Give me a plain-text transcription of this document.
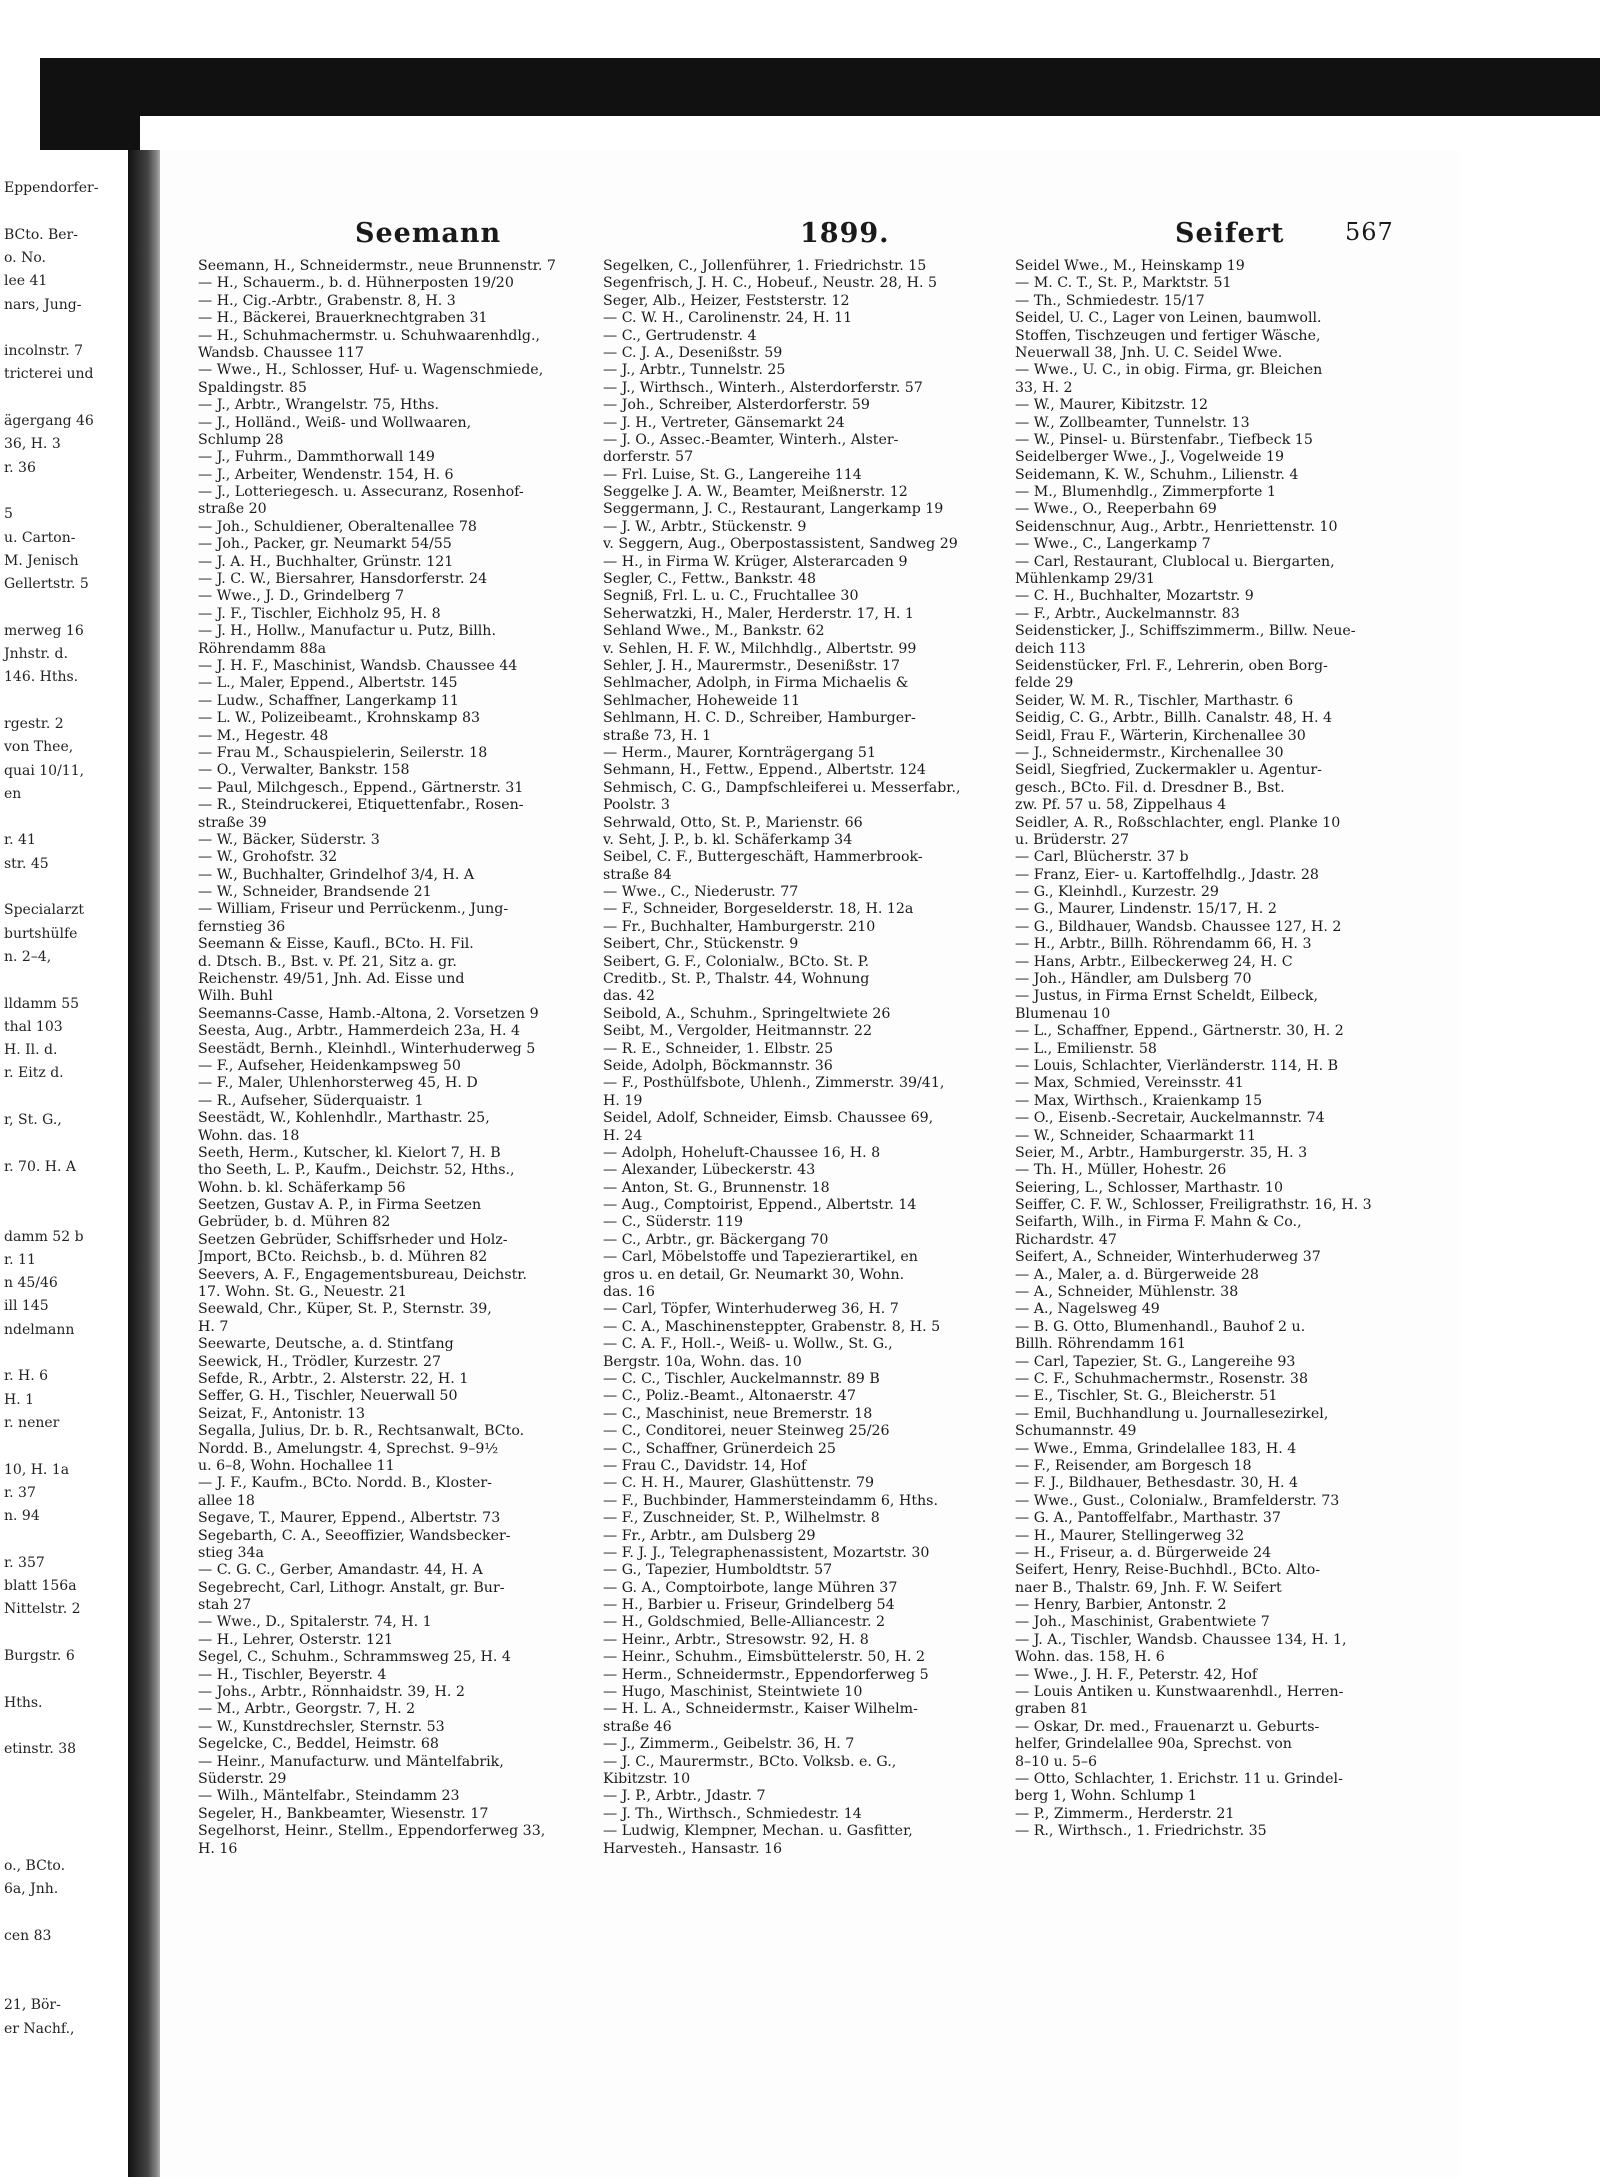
Eppendorfer-
BCto. Ber-
o. No.
lee 41
nars, Jung-
incolnstr. 7
tricterei und
ägergang 46
36, H. 3
r. 36
5
u. Carton-
M. Jenisch
Gellertstr. 5
merweg 16
Jnhstr. d.
146. Hths.
rgestr. 2
von Thee,
quai 10/11,
en
r. 41
str. 45
Specialarzt
burtshülfe
n. 2–4,
lldamm 55
thal 103
H. Il. d.
r. Eitz d.
r, St. G.,
r. 70. H. A
damm 52 b
r. 11
n 45/46
ill 145
ndelmann
r. H. 6
H. 1
r. nener
10, H. 1a
r. 37
n. 94
r. 357
blatt 156a
Nittelstr. 2
Burgstr. 6
Hths.
etinstr. 38
o., BCto.
6a, Jnh.
cen 83
21, Bör-
er Nachf.,
Seemann	1899.	Seifert	567
Seemann, H., Schneidermstr., neue Brunnenstr. 7
— H., Schauerm., b. d. Hühnerposten 19/20
— H., Cig.-Arbtr., Grabenstr. 8, H. 3
— H., Bäckerei, Brauerknechtgraben 31
— H., Schuhmachermstr. u. Schuhwaarenhdlg.,
Wandsb. Chaussee 117
— Wwe., H., Schlosser, Huf- u. Wagenschmiede,
Spaldingstr. 85
— J., Arbtr., Wrangelstr. 75, Hths.
— J., Holländ., Weiß- und Wollwaaren,
Schlump 28
— J., Fuhrm., Dammthorwall 149
— J., Arbeiter, Wendenstr. 154, H. 6
— J., Lotteriegesch. u. Assecuranz, Rosenhof-
straße 20
— Joh., Schuldiener, Oberaltenallee 78
— Joh., Packer, gr. Neumarkt 54/55
— J. A. H., Buchhalter, Grünstr. 121
— J. C. W., Biersahrer, Hansdorferstr. 24
— Wwe., J. D., Grindelberg 7
— J. F., Tischler, Eichholz 95, H. 8
— J. H., Hollw., Manufactur u. Putz, Billh.
Röhrendamm 88a
— J. H. F., Maschinist, Wandsb. Chaussee 44
— L., Maler, Eppend., Albertstr. 145
— Ludw., Schaffner, Langerkamp 11
— L. W., Polizeibeamt., Krohnskamp 83
— M., Hegestr. 48
— Frau M., Schauspielerin, Seilerstr. 18
— O., Verwalter, Bankstr. 158
— Paul, Milchgesch., Eppend., Gärtnerstr. 31
— R., Steindruckerei, Etiquettenfabr., Rosen-
straße 39
— W., Bäcker, Süderstr. 3
— W., Grohofstr. 32
— W., Buchhalter, Grindelhof 3/4, H. A
— W., Schneider, Brandsende 21
— William, Friseur und Perrückenm., Jung-
fernstieg 36
Seemann & Eisse, Kaufl., BCto. H. Fil.
d. Dtsch. B., Bst. v. Pf. 21, Sitz a. gr.
Reichenstr. 49/51, Jnh. Ad. Eisse und
Wilh. Buhl
Seemanns-Casse, Hamb.-Altona, 2. Vorsetzen 9
Seesta, Aug., Arbtr., Hammerdeich 23a, H. 4
Seestädt, Bernh., Kleinhdl., Winterhuderweg 5
— F., Aufseher, Heidenkampsweg 50
— F., Maler, Uhlenhorsterweg 45, H. D
— R., Aufseher, Süderquaistr. 1
Seestädt, W., Kohlenhdlr., Marthastr. 25,
Wohn. das. 18
Seeth, Herm., Kutscher, kl. Kielort 7, H. B
tho Seeth, L. P., Kaufm., Deichstr. 52, Hths.,
Wohn. b. kl. Schäferkamp 56
Seetzen, Gustav A. P., in Firma Seetzen
Gebrüder, b. d. Mühren 82
Seetzen Gebrüder, Schiffsrheder und Holz-
Jmport, BCto. Reichsb., b. d. Mühren 82
Seevers, A. F., Engagementsbureau, Deichstr.
17. Wohn. St. G., Neuestr. 21
Seewald, Chr., Küper, St. P., Sternstr. 39,
H. 7
Seewarte, Deutsche, a. d. Stintfang
Seewick, H., Trödler, Kurzestr. 27
Sefde, R., Arbtr., 2. Alsterstr. 22, H. 1
Seffer, G. H., Tischler, Neuerwall 50
Seizat, F., Antonistr. 13
Segalla, Julius, Dr. b. R., Rechtsanwalt, BCto.
Nordd. B., Amelungstr. 4, Sprechst. 9–9½
u. 6–8, Wohn. Hochallee 11
— J. F., Kaufm., BCto. Nordd. B., Kloster-
allee 18
Segave, T., Maurer, Eppend., Albertstr. 73
Segebarth, C. A., Seeoffizier, Wandsbecker-
stieg 34a
— C. G. C., Gerber, Amandastr. 44, H. A
Segebrecht, Carl, Lithogr. Anstalt, gr. Bur-
stah 27
— Wwe., D., Spitalerstr. 74, H. 1
— H., Lehrer, Osterstr. 121
Segel, C., Schuhm., Schrammsweg 25, H. 4
— H., Tischler, Beyerstr. 4
— Johs., Arbtr., Rönnhaidstr. 39, H. 2
— M., Arbtr., Georgstr. 7, H. 2
— W., Kunstdrechsler, Sternstr. 53
Segelcke, C., Beddel, Heimstr. 68
— Heinr., Manufacturw. und Mäntelfabrik,
Süderstr. 29
— Wilh., Mäntelfabr., Steindamm 23
Segeler, H., Bankbeamter, Wiesenstr. 17
Segelhorst, Heinr., Stellm., Eppendorferweg 33,
H. 16
Segelken, C., Jollenführer, 1. Friedrichstr. 15
Segenfrisch, J. H. C., Hobeuf., Neustr. 28, H. 5
Seger, Alb., Heizer, Feststerstr. 12
— C. W. H., Carolinenstr. 24, H. 11
— C., Gertrudenstr. 4
— C. J. A., Desenißstr. 59
— J., Arbtr., Tunnelstr. 25
— J., Wirthsch., Winterh., Alsterdorferstr. 57
— Joh., Schreiber, Alsterdorferstr. 59
— J. H., Vertreter, Gänsemarkt 24
— J. O., Assec.-Beamter, Winterh., Alster-
dorferstr. 57
— Frl. Luise, St. G., Langereihe 114
Seggelke J. A. W., Beamter, Meißnerstr. 12
Seggermann, J. C., Restaurant, Langerkamp 19
— J. W., Arbtr., Stückenstr. 9
v. Seggern, Aug., Oberpostassistent, Sandweg 29
— H., in Firma W. Krüger, Alsterarcaden 9
Segler, C., Fettw., Bankstr. 48
Segniß, Frl. L. u. C., Fruchtallee 30
Seherwatzki, H., Maler, Herderstr. 17, H. 1
Sehland Wwe., M., Bankstr. 62
v. Sehlen, H. F. W., Milchhdlg., Albertstr. 99
Sehler, J. H., Maurermstr., Desenißstr. 17
Sehlmacher, Adolph, in Firma Michaelis &
Sehlmacher, Hoheweide 11
Sehlmann, H. C. D., Schreiber, Hamburger-
straße 73, H. 1
— Herm., Maurer, Kornträgergang 51
Sehmann, H., Fettw., Eppend., Albertstr. 124
Sehmisch, C. G., Dampfschleiferei u. Messerfabr.,
Poolstr. 3
Sehrwald, Otto, St. P., Marienstr. 66
v. Seht, J. P., b. kl. Schäferkamp 34
Seibel, C. F., Buttergeschäft, Hammerbrook-
straße 84
— Wwe., C., Niederustr. 77
— F., Schneider, Borgeselderstr. 18, H. 12a
— Fr., Buchhalter, Hamburgerstr. 210
Seibert, Chr., Stückenstr. 9
Seibert, G. F., Colonialw., BCto. St. P.
Creditb., St. P., Thalstr. 44, Wohnung
das. 42
Seibold, A., Schuhm., Springeltwiete 26
Seibt, M., Vergolder, Heitmannstr. 22
— R. E., Schneider, 1. Elbstr. 25
Seide, Adolph, Böckmannstr. 36
— F., Posthülfsbote, Uhlenh., Zimmerstr. 39/41,
H. 19
Seidel, Adolf, Schneider, Eimsb. Chaussee 69,
H. 24
— Adolph, Hoheluft-Chaussee 16, H. 8
— Alexander, Lübeckerstr. 43
— Anton, St. G., Brunnenstr. 18
— Aug., Comptoirist, Eppend., Albertstr. 14
— C., Süderstr. 119
— C., Arbtr., gr. Bäckergang 70
— Carl, Möbelstoffe und Tapezierartikel, en
gros u. en detail, Gr. Neumarkt 30, Wohn.
das. 16
— Carl, Töpfer, Winterhuderweg 36, H. 7
— C. A., Maschinensteppter, Grabenstr. 8, H. 5
— C. A. F., Holl.-, Weiß- u. Wollw., St. G.,
Bergstr. 10a, Wohn. das. 10
— C. C., Tischler, Auckelmannstr. 89 B
— C., Poliz.-Beamt., Altonaerstr. 47
— C., Maschinist, neue Bremerstr. 18
— C., Conditorei, neuer Steinweg 25/26
— C., Schaffner, Grünerdeich 25
— Frau C., Davidstr. 14, Hof
— C. H. H., Maurer, Glashüttenstr. 79
— F., Buchbinder, Hammersteindamm 6, Hths.
— F., Zuschneider, St. P., Wilhelmstr. 8
— Fr., Arbtr., am Dulsberg 29
— F. J. J., Telegraphenassistent, Mozartstr. 30
— G., Tapezier, Humboldtstr. 57
— G. A., Comptoirbote, lange Mühren 37
— H., Barbier u. Friseur, Grindelberg 54
— H., Goldschmied, Belle-Alliancestr. 2
— Heinr., Arbtr., Stresowstr. 92, H. 8
— Heinr., Schuhm., Eimsbüttelerstr. 50, H. 2
— Herm., Schneidermstr., Eppendorferweg 5
— Hugo, Maschinist, Steintwiete 10
— H. L. A., Schneidermstr., Kaiser Wilhelm-
straße 46
— J., Zimmerm., Geibelstr. 36, H. 7
— J. C., Maurermstr., BCto. Volksb. e. G.,
Kibitzstr. 10
— J. P., Arbtr., Jdastr. 7
— J. Th., Wirthsch., Schmiedestr. 14
— Ludwig, Klempner, Mechan. u. Gasfitter,
Harvestеh., Hansastr. 16
Seidel Wwe., M., Heinskamp 19
— M. C. T., St. P., Marktstr. 51
— Th., Schmiedestr. 15/17
Seidel, U. C., Lager von Leinen, baumwoll.
Stoffen, Tischzeugen und fertiger Wäsche,
Neuerwall 38, Jnh. U. C. Seidel Wwe.
— Wwe., U. C., in obig. Firma, gr. Bleichen
33, H. 2
— W., Maurer, Kibitzstr. 12
— W., Zollbeamter, Tunnelstr. 13
— W., Pinsel- u. Bürstenfabr., Tiefbeck 15
Seidelberger Wwe., J., Vogelweide 19
Seidemann, K. W., Schuhm., Lilienstr. 4
— M., Blumenhdlg., Zimmerpforte 1
— Wwe., O., Reeperbahn 69
Seidenschnur, Aug., Arbtr., Henriettenstr. 10
— Wwe., C., Langerkamp 7
— Carl, Restaurant, Clublocal u. Biergarten,
Mühlenkamp 29/31
— C. H., Buchhalter, Mozartstr. 9
— F., Arbtr., Auckelmannstr. 83
Seidensticker, J., Schiffszimmerm., Billw. Neue-
deich 113
Seidenstücker, Frl. F., Lehrerin, oben Borg-
felde 29
Seider, W. M. R., Tischler, Marthastr. 6
Seidig, C. G., Arbtr., Billh. Canalstr. 48, H. 4
Seidl, Frau F., Wärterin, Kirchenallee 30
— J., Schneidermstr., Kirchenallee 30
Seidl, Siegfried, Zuckermakler u. Agentur-
gesch., BCto. Fil. d. Dresdner B., Bst.
zw. Pf. 57 u. 58, Zippelhaus 4
Seidler, A. R., Roßschlachter, engl. Planke 10
u. Brüderstr. 27
— Carl, Blücherstr. 37 b
— Franz, Eier- u. Kartoffelhdlg., Jdastr. 28
— G., Kleinhdl., Kurzestr. 29
— G., Maurer, Lindenstr. 15/17, H. 2
— G., Bildhauer, Wandsb. Chaussee 127, H. 2
— H., Arbtr., Billh. Röhrendamm 66, H. 3
— Hans, Arbtr., Eilbeckerweg 24, H. C
— Joh., Händler, am Dulsberg 70
— Justus, in Firma Ernst Scheldt, Eilbeck,
Blumenau 10
— L., Schaffner, Eppend., Gärtnerstr. 30, H. 2
— L., Emilienstr. 58
— Louis, Schlachter, Vierländerstr. 114, H. B
— Max, Schmied, Vereinsstr. 41
— Max, Wirthsch., Kraienkamp 15
— O., Eisenb.-Secretair, Auckelmannstr. 74
— W., Schneider, Schaarmarkt 11
Seier, M., Arbtr., Hamburgerstr. 35, H. 3
— Th. H., Müller, Hohestr. 26
Seiering, L., Schlosser, Marthastr. 10
Seiffer, C. F. W., Schlosser, Freiligrathstr. 16, H. 3
Seifarth, Wilh., in Firma F. Mahn & Co.,
Richardstr. 47
Seifert, A., Schneider, Winterhuderweg 37
— A., Maler, a. d. Bürgerweide 28
— A., Schneider, Mühlenstr. 38
— A., Nagelsweg 49
— B. G. Otto, Blumenhandl., Bauhof 2 u.
Billh. Röhrendamm 161
— Carl, Tapezier, St. G., Langereihe 93
— C. F., Schuhmachermstr., Rosenstr. 38
— E., Tischler, St. G., Bleicherstr. 51
— Emil, Buchhandlung u. Journallesezirkel,
Schumannstr. 49
— Wwe., Emma, Grindelallee 183, H. 4
— F., Reisender, am Borgesch 18
— F. J., Bildhauer, Bethesdastr. 30, H. 4
— Wwe., Gust., Colonialw., Bramfelderstr. 73
— G. A., Pantoffelfabr., Marthastr. 37
— H., Maurer, Stellingerweg 32
— H., Friseur, a. d. Bürgerweide 24
Seifert, Henry, Reise-Buchhdl., BCto. Alto-
naer B., Thalstr. 69, Jnh. F. W. Seifert
— Henry, Barbier, Antonstr. 2
— Joh., Maschinist, Grabentwiete 7
— J. A., Tischler, Wandsb. Chaussee 134, H. 1,
Wohn. das. 158, H. 6
— Wwe., J. H. F., Peterstr. 42, Hof
— Louis Antiken u. Kunstwaarenhdl., Herren-
graben 81
— Oskar, Dr. med., Frauenarzt u. Geburts-
helfer, Grindelallee 90a, Sprechst. von
8–10 u. 5–6
— Otto, Schlachter, 1. Erichstr. 11 u. Grindel-
berg 1, Wohn. Schlump 1
— P., Zimmerm., Herderstr. 21
— R., Wirthsch., 1. Friedrichstr. 35
